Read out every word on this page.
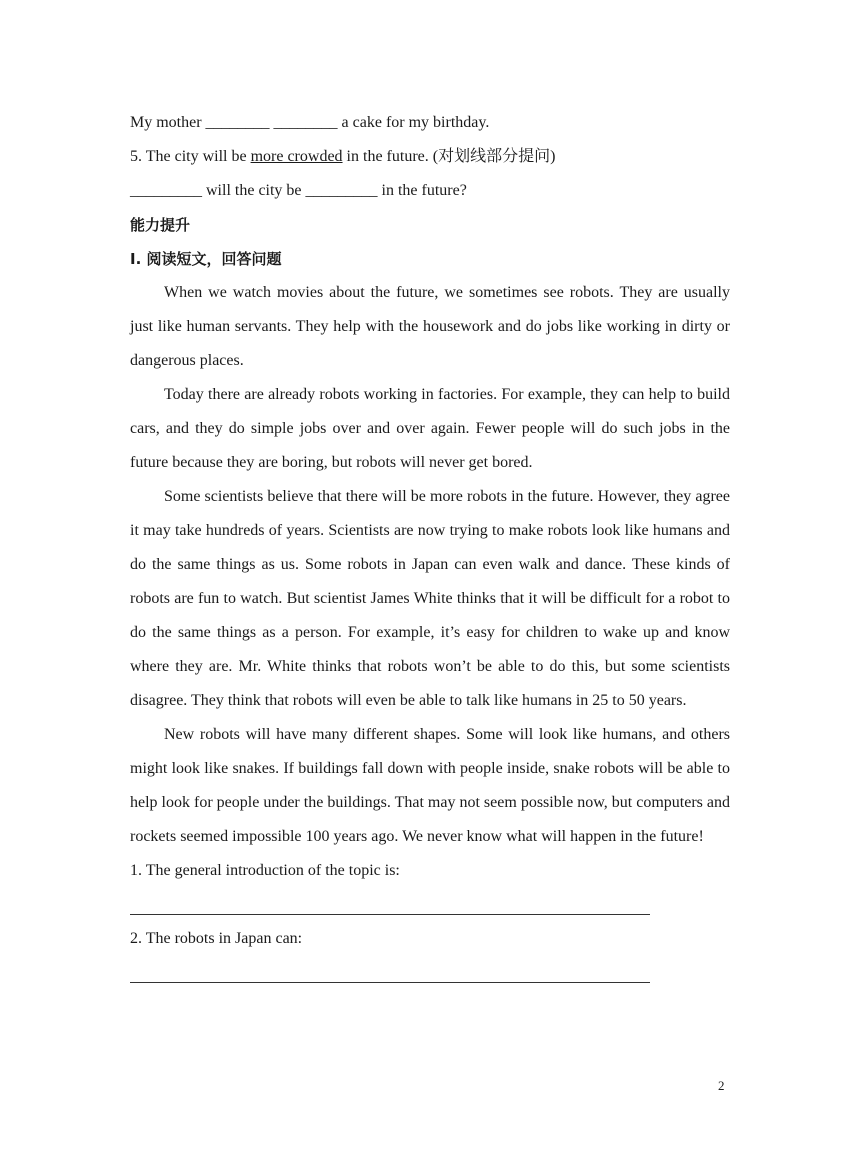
My mother ________ ________ a cake for my birthday.

5. The city will be more crowded in the future. (对划线部分提问)

_________ will the city be _________ in the future?

能力提升

Ⅰ. 阅读短文，回答问题

When we watch movies about the future, we sometimes see robots. They are usually just like human servants. They help with the housework and do jobs like working in dirty or dangerous places.

Today there are already robots working in factories. For example, they can help to build cars, and they do simple jobs over and over again. Fewer people will do such jobs in the future because they are boring, but robots will never get bored.

Some scientists believe that there will be more robots in the future. However, they agree it may take hundreds of years. Scientists are now trying to make robots look like humans and do the same things as us. Some robots in Japan can even walk and dance. These kinds of robots are fun to watch. But scientist James White thinks that it will be difficult for a robot to do the same things as a person. For example, it’s easy for children to wake up and know where they are. Mr. White thinks that robots won’t be able to do this, but some scientists disagree. They think that robots will even be able to talk like humans in 25 to 50 years.

New robots will have many different shapes. Some will look like humans, and others might look like snakes. If buildings fall down with people inside, snake robots will be able to help look for people under the buildings. That may not seem possible now, but computers and rockets seemed impossible 100 years ago. We never know what will happen in the future!

1. The general introduction of the topic is:

2. The robots in Japan can:

2
